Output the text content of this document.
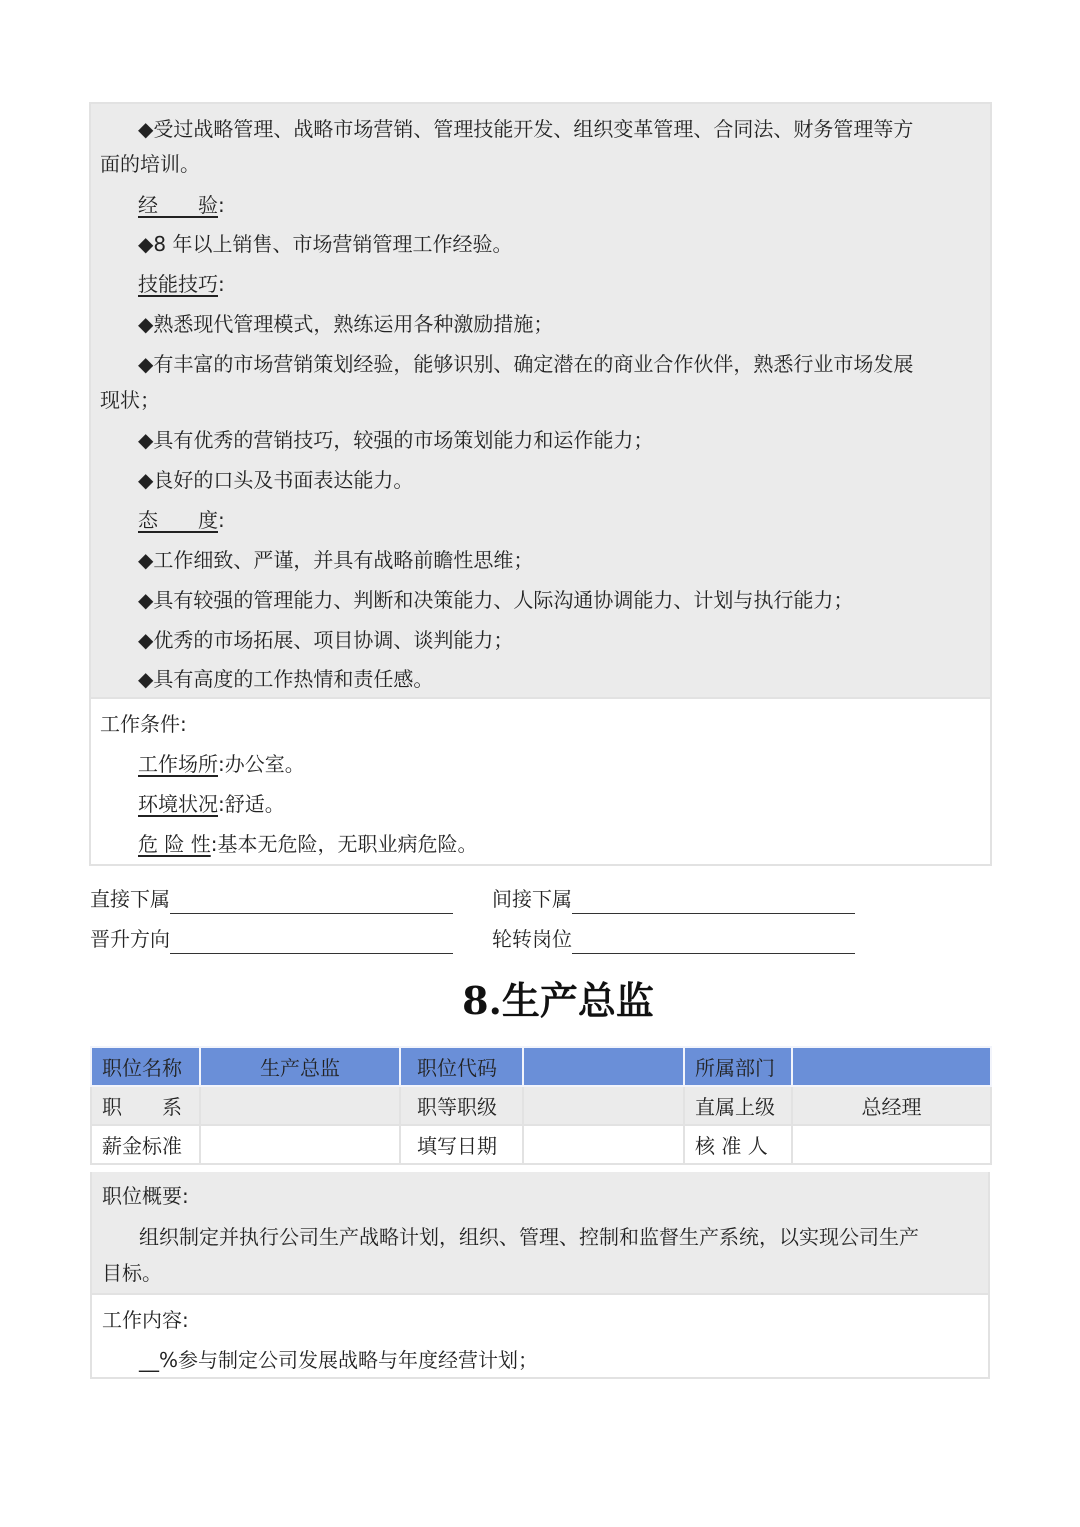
◆受过战略管理、战略市场营销、管理技能开发、组织变革管理、合同法、财务管理等方
面的培训。
经　　验:
◆8 年以上销售、市场营销管理工作经验。
技能技巧:
◆熟悉现代管理模式，熟练运用各种激励措施；
◆有丰富的市场营销策划经验，能够识别、确定潜在的商业合作伙伴，熟悉行业市场发展
现状；
◆具有优秀的营销技巧，较强的市场策划能力和运作能力；
◆良好的口头及书面表达能力。
态　　度:
◆工作细致、严谨，并具有战略前瞻性思维；
◆具有较强的管理能力、判断和决策能力、人际沟通协调能力、计划与执行能力；
◆优秀的市场拓展、项目协调、谈判能力；
◆具有高度的工作热情和责任感。
工作条件:
工作场所:办公室。
环境状况:舒适。
危 险 性:基本无危险，无职业病危险。
直接下属	间接下属
晋升方向	轮转岗位
8.生产总监
职位名称	生产总监	职位代码		所属部门	
职　　系		职等职级		直属上级	总经理
薪金标准		填写日期		核 准 人	
职位概要:
组织制定并执行公司生产战略计划，组织、管理、控制和监督生产系统，以实现公司生产
目标。
工作内容:
__%参与制定公司发展战略与年度经营计划；
